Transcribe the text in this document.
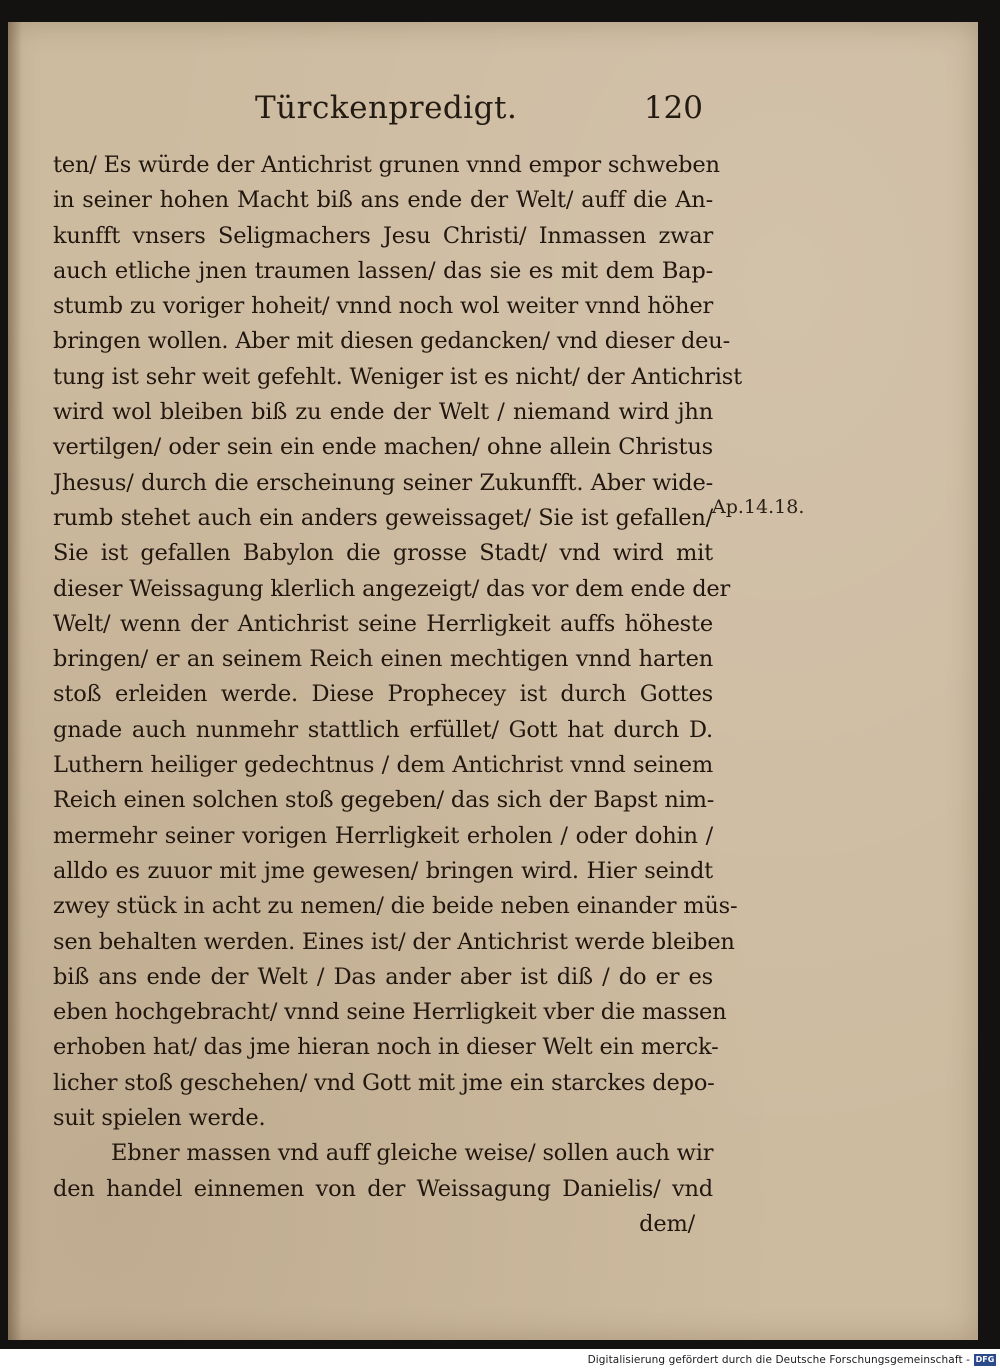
Türckenpredigt.	120
ten/ Es würde der Antichrist grunen vnnd empor schweben
in seiner hohen Macht biß ans ende der Welt/ auff die An-
kunfft vnsers Seligmachers Jesu Christi/ Inmassen zwar
auch etliche jnen traumen lassen/ das sie es mit dem Bap-
stumb zu voriger hoheit/ vnnd noch wol weiter vnnd höher
bringen wollen. Aber mit diesen gedancken/ vnd dieser deu-
tung ist sehr weit gefehlt. Weniger ist es nicht/ der Antichrist
wird wol bleiben biß zu ende der Welt / niemand wird jhn
vertilgen/ oder sein ein ende machen/ ohne allein Christus
Jhesus/ durch die erscheinung seiner Zukunfft. Aber wide-
rumb stehet auch ein anders geweissaget/ Sie ist gefallen/
Sie ist gefallen Babylon die grosse Stadt/ vnd wird mit
dieser Weissagung klerlich angezeigt/ das vor dem ende der
Welt/ wenn der Antichrist seine Herrligkeit auffs höheste
bringen/ er an seinem Reich einen mechtigen vnnd harten
stoß erleiden werde. Diese Prophecey ist durch Gottes
gnade auch nunmehr stattlich erfüllet/ Gott hat durch D.
Luthern heiliger gedechtnus / dem Antichrist vnnd seinem
Reich einen solchen stoß gegeben/ das sich der Bapst nim-
mermehr seiner vorigen Herrligkeit erholen / oder dohin /
alldo es zuuor mit jme gewesen/ bringen wird. Hier seindt
zwey stück in acht zu nemen/ die beide neben einander müs-
sen behalten werden. Eines ist/ der Antichrist werde bleiben
biß ans ende der Welt / Das ander aber ist diß / do er es
eben hochgebracht/ vnnd seine Herrligkeit vber die massen
erhoben hat/ das jme hieran noch in dieser Welt ein merck-
licher stoß geschehen/ vnd Gott mit jme ein starckes depo-
suit spielen werde.
Ebner massen vnd auff gleiche weise/ sollen auch wir
den handel einnemen von der Weissagung Danielis/ vnd
dem/
Ap.14.18.
Digitalisierung gefördert durch die Deutsche Forschungsgemeinschaft - DFG
